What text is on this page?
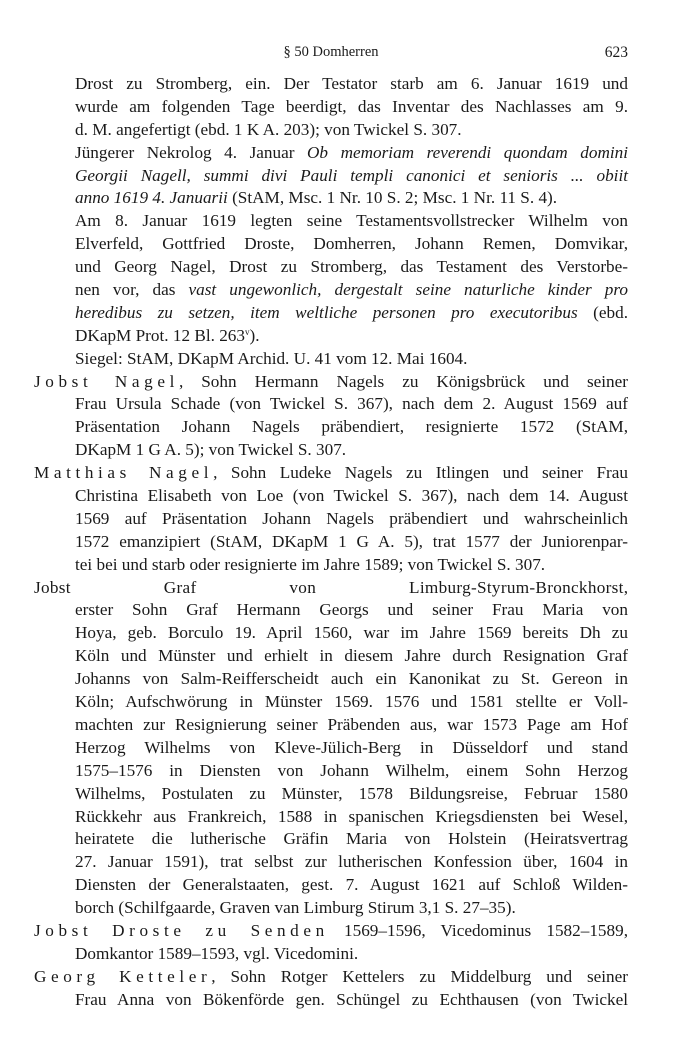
§ 50 Domherren	623
Drost zu Stromberg, ein. Der Testator starb am 6. Januar 1619 und
wurde am folgenden Tage beerdigt, das Inventar des Nachlasses am 9.
d. M. angefertigt (ebd. 1 K A. 203); von Twickel S. 307.
Jüngerer Nekrolog 4. Januar Ob memoriam reverendi quondam domini
Georgii Nagell, summi divi Pauli templi canonici et senioris ... obiit
anno 1619 4. Januarii (StAM, Msc. 1 Nr. 10 S. 2; Msc. 1 Nr. 11 S. 4).
Am 8. Januar 1619 legten seine Testamentsvollstrecker Wilhelm von
Elverfeld, Gottfried Droste, Domherren, Johann Remen, Domvikar,
und Georg Nagel, Drost zu Stromberg, das Testament des Verstorbe-
nen vor, das vast ungewonlich, dergestalt seine naturliche kinder pro
heredibus zu setzen, item weltliche personen pro executoribus (ebd.
DKapM Prot. 12 Bl. 263$^v$).
Siegel: StAM, DKapM Archid. U. 41 vom 12. Mai 1604.
Jobst Nagel, Sohn Hermann Nagels zu Königsbrück und seiner
Frau Ursula Schade (von Twickel S. 367), nach dem 2. August 1569 auf
Präsentation Johann Nagels präbendiert, resignierte 1572 (StAM,
DKapM 1 G A. 5); von Twickel S. 307.
Matthias Nagel, Sohn Ludeke Nagels zu Itlingen und seiner Frau
Christina Elisabeth von Loe (von Twickel S. 367), nach dem 14. August
1569 auf Präsentation Johann Nagels präbendiert und wahrscheinlich
1572 emanzipiert (StAM, DKapM 1 G A. 5), trat 1577 der Juniorenpar-
tei bei und starb oder resignierte im Jahre 1589; von Twickel S. 307.
Jobst Graf von Limburg-Styrum-Bronckhorst,
erster Sohn Graf Hermann Georgs und seiner Frau Maria von
Hoya, geb. Borculo 19. April 1560, war im Jahre 1569 bereits Dh zu
Köln und Münster und erhielt in diesem Jahre durch Resignation Graf
Johanns von Salm-Reifferscheidt auch ein Kanonikat zu St. Gereon in
Köln; Aufschwörung in Münster 1569. 1576 und 1581 stellte er Voll-
machten zur Resignierung seiner Präbenden aus, war 1573 Page am Hof
Herzog Wilhelms von Kleve-Jülich-Berg in Düsseldorf und stand
1575–1576 in Diensten von Johann Wilhelm, einem Sohn Herzog
Wilhelms, Postulaten zu Münster, 1578 Bildungsreise, Februar 1580
Rückkehr aus Frankreich, 1588 in spanischen Kriegsdiensten bei Wesel,
heiratete die lutherische Gräfin Maria von Holstein (Heiratsvertrag
27. Januar 1591), trat selbst zur lutherischen Konfession über, 1604 in
Diensten der Generalstaaten, gest. 7. August 1621 auf Schloß Wilden-
borch (Schilfgaarde, Graven van Limburg Stirum 3,1 S. 27–35).
Jobst Droste zu Senden 1569–1596, Vicedominus 1582–1589,
Domkantor 1589–1593, vgl. Vicedomini.
Georg Ketteler, Sohn Rotger Kettelers zu Middelburg und seiner
Frau Anna von Bökenförde gen. Schüngel zu Echthausen (von Twickel
